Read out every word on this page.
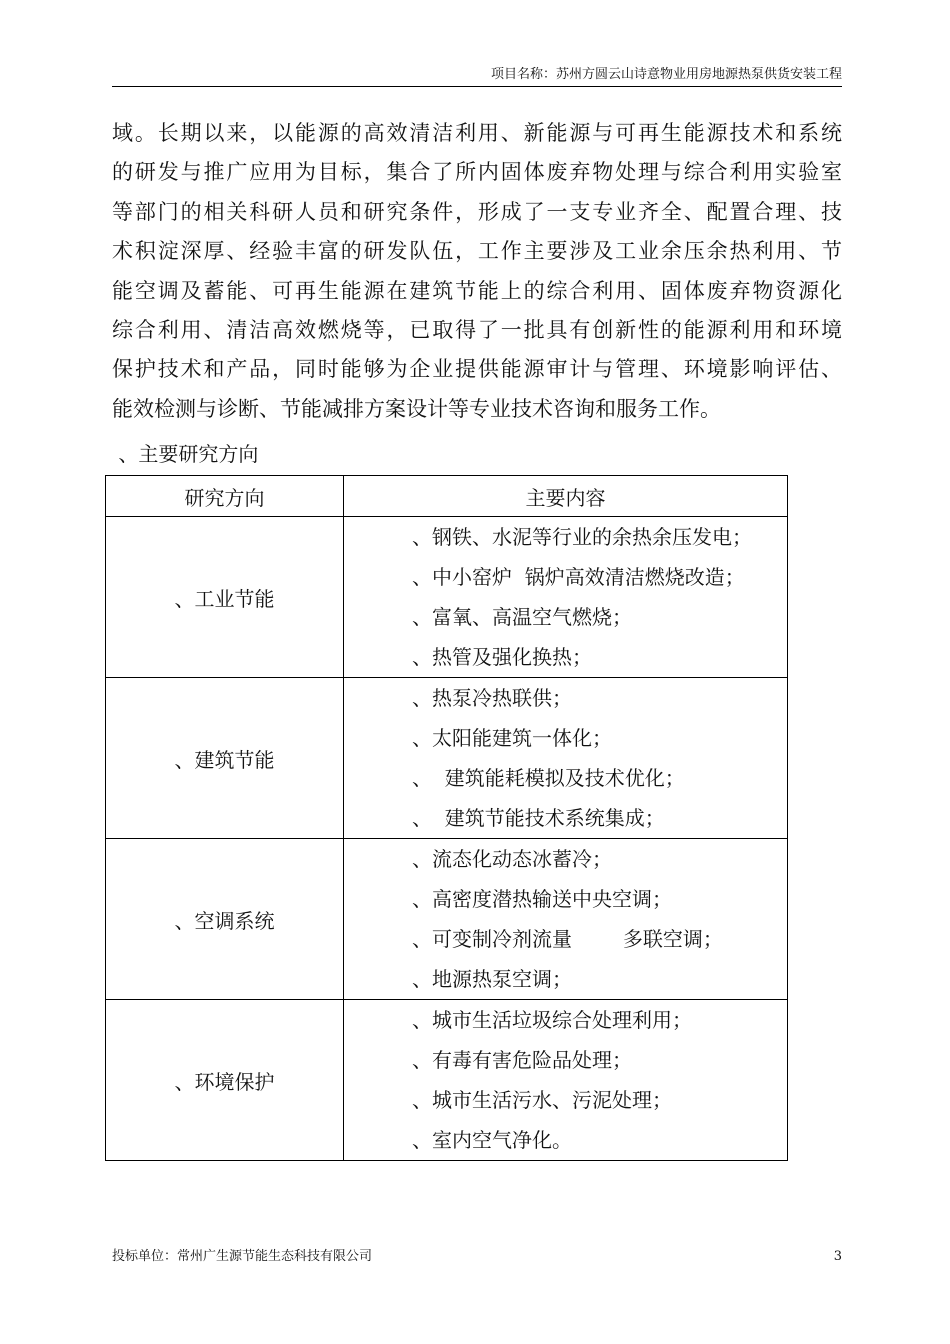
项目名称：苏州方圆云山诗意物业用房地源热泵供货安装工程
域。长期以来，以能源的高效清洁利用、新能源与可再生能源技术和系统
的研发与推广应用为目标，集合了所内固体废弃物处理与综合利用实验室
等部门的相关科研人员和研究条件，形成了一支专业齐全、配置合理、技
术积淀深厚、经验丰富的研发队伍，工作主要涉及工业余压余热利用、节
能空调及蓄能、可再生能源在建筑节能上的综合利用、固体废弃物资源化
综合利用、清洁高效燃烧等，已取得了一批具有创新性的能源利用和环境
保护技术和产品，同时能够为企业提供能源审计与管理、环境影响评估、
能效检测与诊断、节能减排方案设计等专业技术咨询和服务工作。
、主要研究方向
研究方向	主要内容
、工业节能	、钢铁、水泥等行业的余热余压发电；
、中小窑炉  锅炉高效清洁燃烧改造；
、富氧、高温空气燃烧；
、热管及强化换热；

、建筑节能	、热泵冷热联供；
、太阳能建筑一体化；
、  建筑能耗模拟及技术优化；
、  建筑节能技术系统集成；

、空调系统	、流态化动态冰蓄冷；
、高密度潜热输送中央空调；
、可变制冷剂流量        多联空调；
、地源热泵空调；

、环境保护	、城市生活垃圾综合处理利用；
、有毒有害危险品处理；
、城市生活污水、污泥处理；
、室内空气净化。
投标单位：常州广生源节能生态科技有限公司	3
